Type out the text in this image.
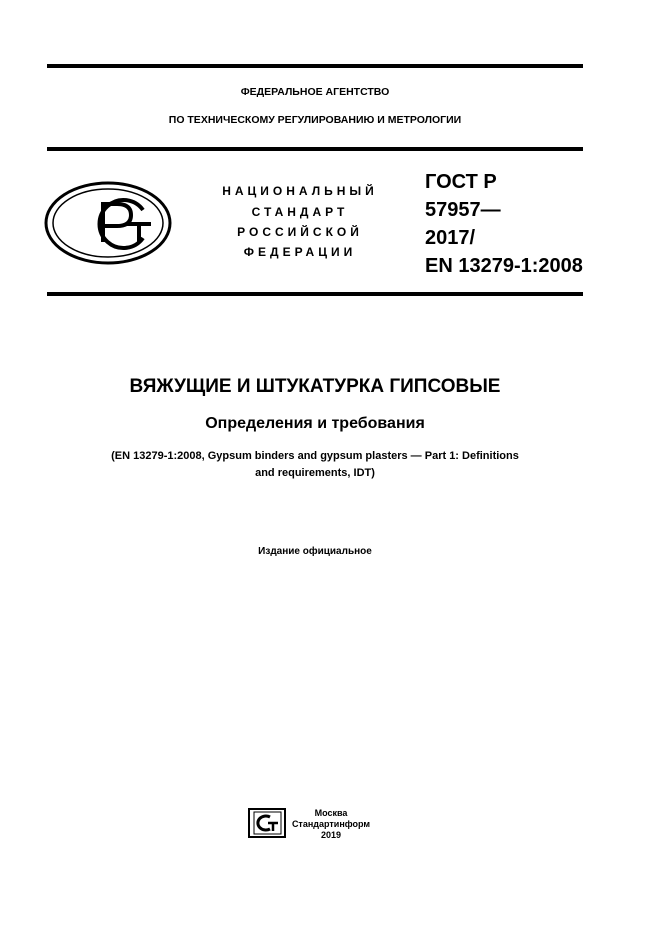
ФЕДЕРАЛЬНОЕ АГЕНТСТВО
ПО ТЕХНИЧЕСКОМУ РЕГУЛИРОВАНИЮ И МЕТРОЛОГИИ
НАЦИОНАЛЬНЫЙ
СТАНДАРТ
РОССИЙСКОЙ
ФЕДЕРАЦИИ
ГОСТ Р
57957—
2017/
EN 13279-1:2008
ВЯЖУЩИЕ И ШТУКАТУРКА ГИПСОВЫЕ
Определения и требования
(EN 13279-1:2008, Gypsum binders and gypsum plasters — Part 1: Definitions
and requirements, IDT)
Издание официальное
Москва
Стандартинформ
2019
